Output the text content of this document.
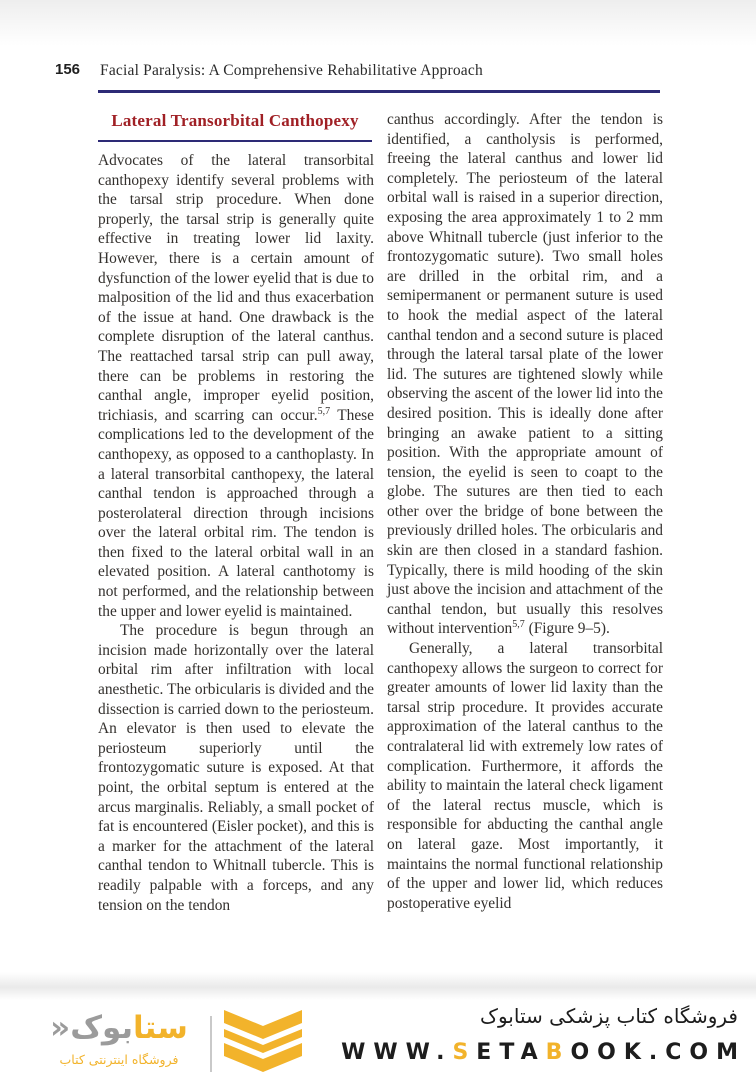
156 Facial Paralysis: A Comprehensive Rehabilitative Approach
Lateral Transorbital Canthopexy

Advocates of the lateral transorbital canthopexy identify several problems with the tarsal strip procedure. When done properly, the tarsal strip is generally quite effective in treating lower lid laxity. However, there is a certain amount of dysfunction of the lower eyelid that is due to malposition of the lid and thus exacerbation of the issue at hand. One drawback is the complete disruption of the lateral canthus. The reattached tarsal strip can pull away, there can be problems in restoring the canthal angle, improper eyelid position, trichiasis, and scarring can occur.$^{5,7}$ These complications led to the development of the canthopexy, as opposed to a canthoplasty. In a lateral transorbital canthopexy, the lateral canthal tendon is approached through a posterolateral direction through incisions over the lateral orbital rim. The tendon is then fixed to the lateral orbital wall in an elevated position. A lateral canthotomy is not performed, and the relationship between the upper and lower eyelid is maintained.

The procedure is begun through an incision made horizontally over the lateral orbital rim after infiltration with local anesthetic. The orbicularis is divided and the dissection is carried down to the periosteum. An elevator is then used to elevate the periosteum superiorly until the frontozygomatic suture is exposed. At that point, the orbital septum is entered at the arcus marginalis. Reliably, a small pocket of fat is encountered (Eisler pocket), and this is a marker for the attachment of the lateral canthal tendon to Whitnall tubercle. This is readily palpable with a forceps, and any tension on the tendon

canthus accordingly. After the tendon is identified, a cantholysis is performed, freeing the lateral canthus and lower lid completely. The periosteum of the lateral orbital wall is raised in a superior direction, exposing the area approximately 1 to 2 mm above Whitnall tubercle (just inferior to the frontozygomatic suture). Two small holes are drilled in the orbital rim, and a semipermanent or permanent suture is used to hook the medial aspect of the lateral canthal tendon and a second suture is placed through the lateral tarsal plate of the lower lid. The sutures are tightened slowly while observing the ascent of the lower lid into the desired position. This is ideally done after bringing an awake patient to a sitting position. With the appropriate amount of tension, the eyelid is seen to coapt to the globe. The sutures are then tied to each other over the bridge of bone between the previously drilled holes. The orbicularis and skin are then closed in a standard fashion. Typically, there is mild hooding of the skin just above the incision and attachment of the canthal tendon, but usually this resolves without intervention$^{5,7}$ (Figure 9–5).

Generally, a lateral transorbital canthopexy allows the surgeon to correct for greater amounts of lower lid laxity than the tarsal strip procedure. It provides accurate approximation of the lateral canthus to the contralateral lid with extremely low rates of complication. Furthermore, it affords the ability to maintain the lateral check ligament of the lateral rectus muscle, which is responsible for abducting the canthal angle on lateral gaze. Most importantly, it maintains the normal functional relationship of the upper and lower lid, which reduces postoperative eyelid

فروشگاه کتاب پزشکی ستابوک
WWW.SETABOOK.COM
ستابوک«
فروشگاه اینترنتی کتاب
